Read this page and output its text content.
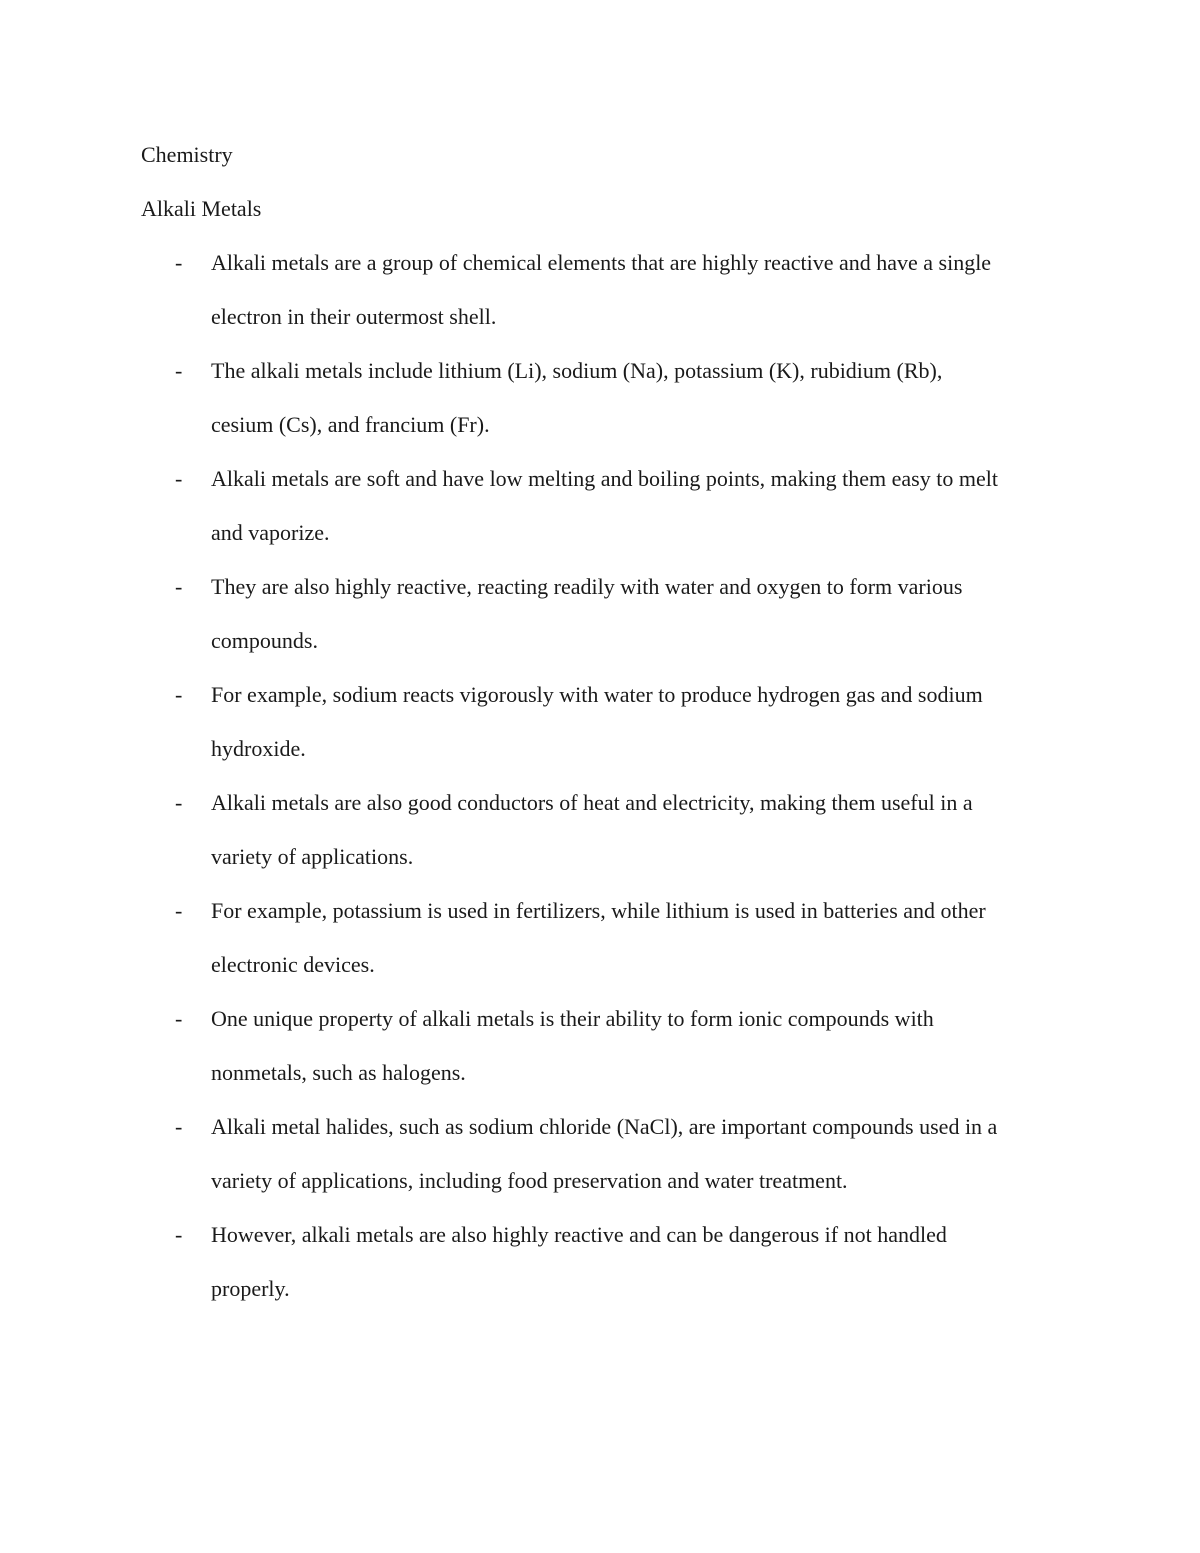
Chemistry

Alkali Metals

- Alkali metals are a group of chemical elements that are highly reactive and have a single
electron in their outermost shell.
- The alkali metals include lithium (Li), sodium (Na), potassium (K), rubidium (Rb),
cesium (Cs), and francium (Fr).
- Alkali metals are soft and have low melting and boiling points, making them easy to melt
and vaporize.
- They are also highly reactive, reacting readily with water and oxygen to form various
compounds.
- For example, sodium reacts vigorously with water to produce hydrogen gas and sodium
hydroxide.
- Alkali metals are also good conductors of heat and electricity, making them useful in a
variety of applications.
- For example, potassium is used in fertilizers, while lithium is used in batteries and other
electronic devices.
- One unique property of alkali metals is their ability to form ionic compounds with
nonmetals, such as halogens.
- Alkali metal halides, such as sodium chloride (NaCl), are important compounds used in a
variety of applications, including food preservation and water treatment.
- However, alkali metals are also highly reactive and can be dangerous if not handled
properly.
